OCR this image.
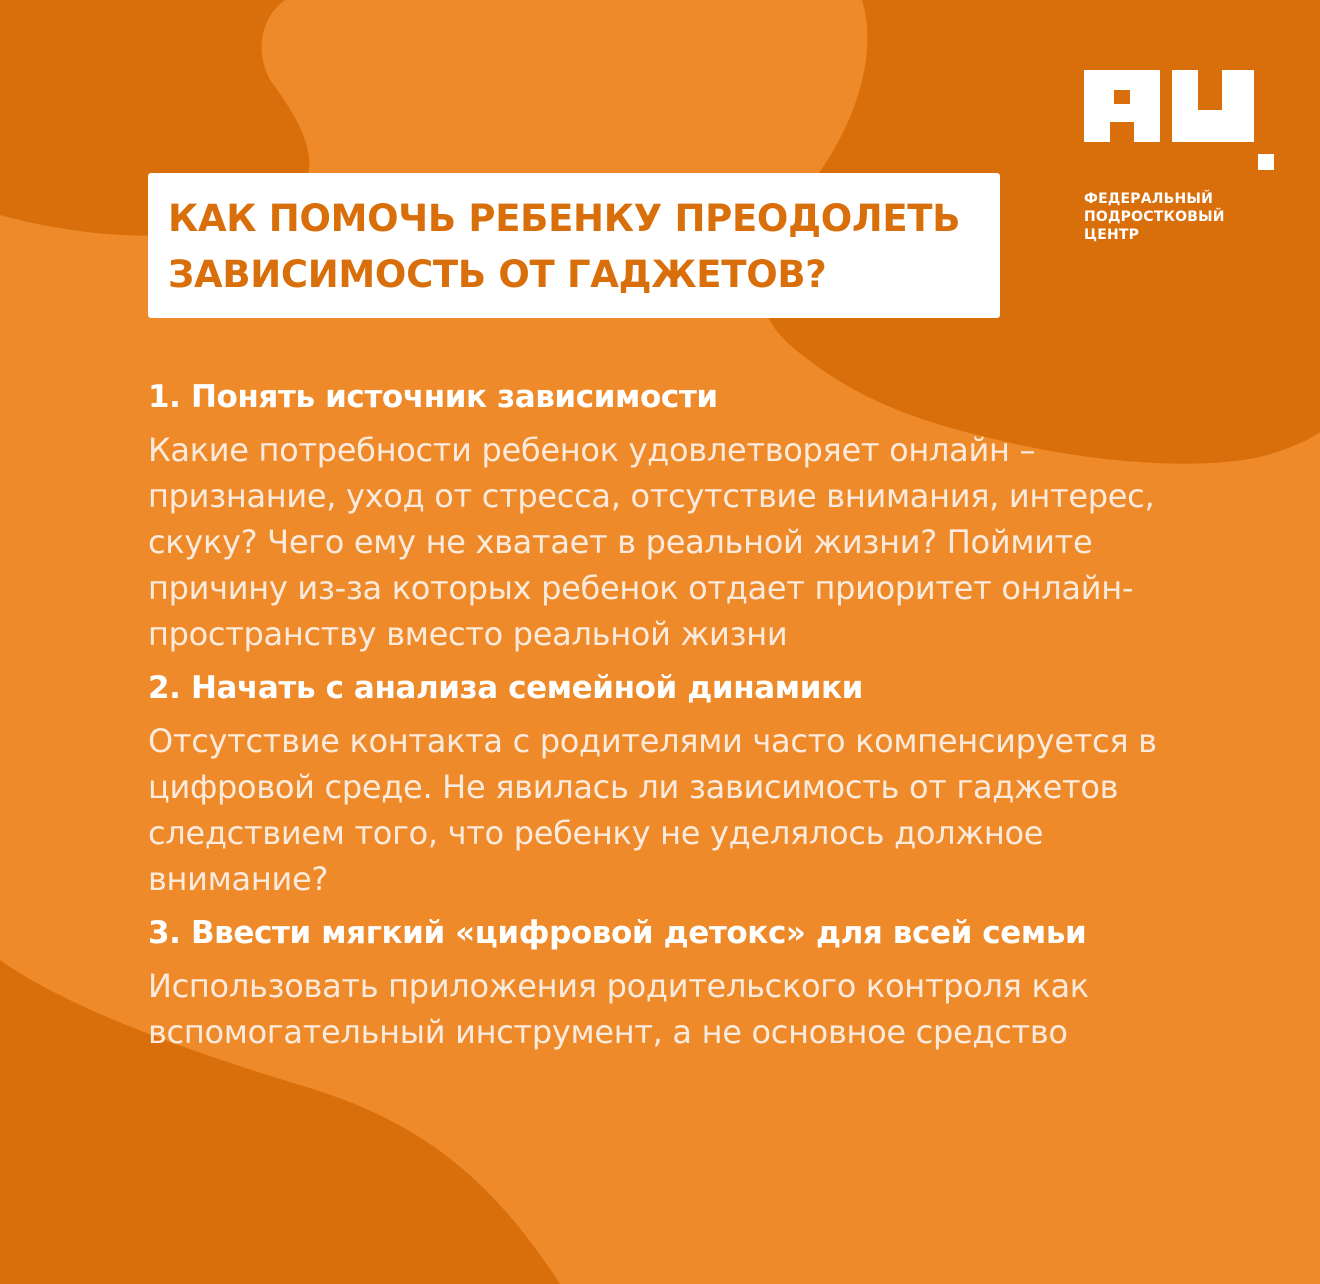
ФЕДЕРАЛЬНЫЙ
ПОДРОСТКОВЫЙ
ЦЕНТР
КАК ПОМОЧЬ РЕБЕНКУ ПРЕОДОЛЕТЬ
ЗАВИСИМОСТЬ ОТ ГАДЖЕТОВ?
1. Понять источник зависимости

Какие потребности ребенок удовлетворяет онлайн – признание, уход от стресса, отсутствие внимания, интерес, скуку? Чего ему не хватает в реальной жизни? Поймите причину из-за которых ребенок отдает приоритет онлайн-пространству вместо реальной жизни

2. Начать с анализа семейной динамики

Отсутствие контакта с родителями часто компенсируется в цифровой среде. Не явилась ли зависимость от гаджетов следствием того, что ребенку не уделялось должное внимание?

3. Ввести мягкий «цифровой детокс» для всей семьи

Использовать приложения родительского контроля как вспомогательный инструмент, а не основное средство
